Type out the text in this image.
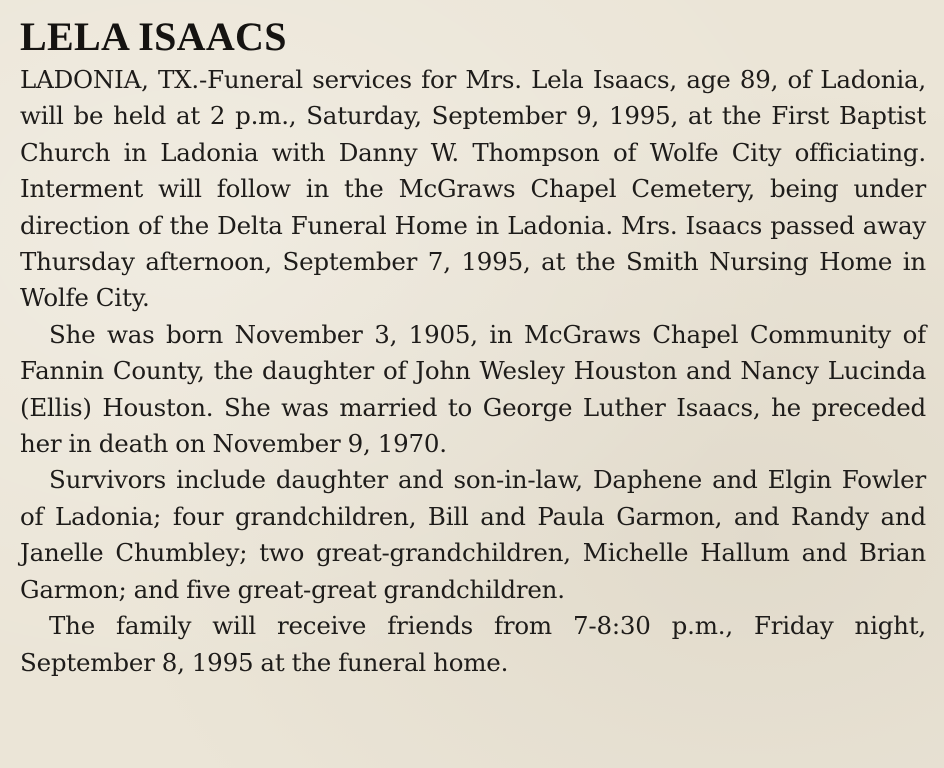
LELA ISAACS

LADONIA, TX.-Funeral services for Mrs. Lela Isaacs, age 89, of Ladonia, will be held at 2 p.m., Saturday, September 9, 1995, at the First Baptist Church in Ladonia with Danny W. Thompson of Wolfe City officiating. Interment will follow in the McGraws Chapel Cemetery, being under direction of the Delta Funeral Home in Ladonia. Mrs. Isaacs passed away Thursday afternoon, September 7, 1995, at the Smith Nursing Home in Wolfe City.

She was born November 3, 1905, in McGraws Chapel Community of Fannin County, the daughter of John Wesley Houston and Nancy Lucinda (Ellis) Houston. She was married to George Luther Isaacs, he preceded her in death on November 9, 1970.

Survivors include daughter and son-in-law, Daphene and Elgin Fowler of Ladonia; four grandchildren, Bill and Paula Garmon, and Randy and Janelle Chumbley; two great-grandchildren, Michelle Hallum and Brian Garmon; and five great-great grandchildren.

The family will receive friends from 7-8:30 p.m., Friday night, September 8, 1995 at the funeral home.
